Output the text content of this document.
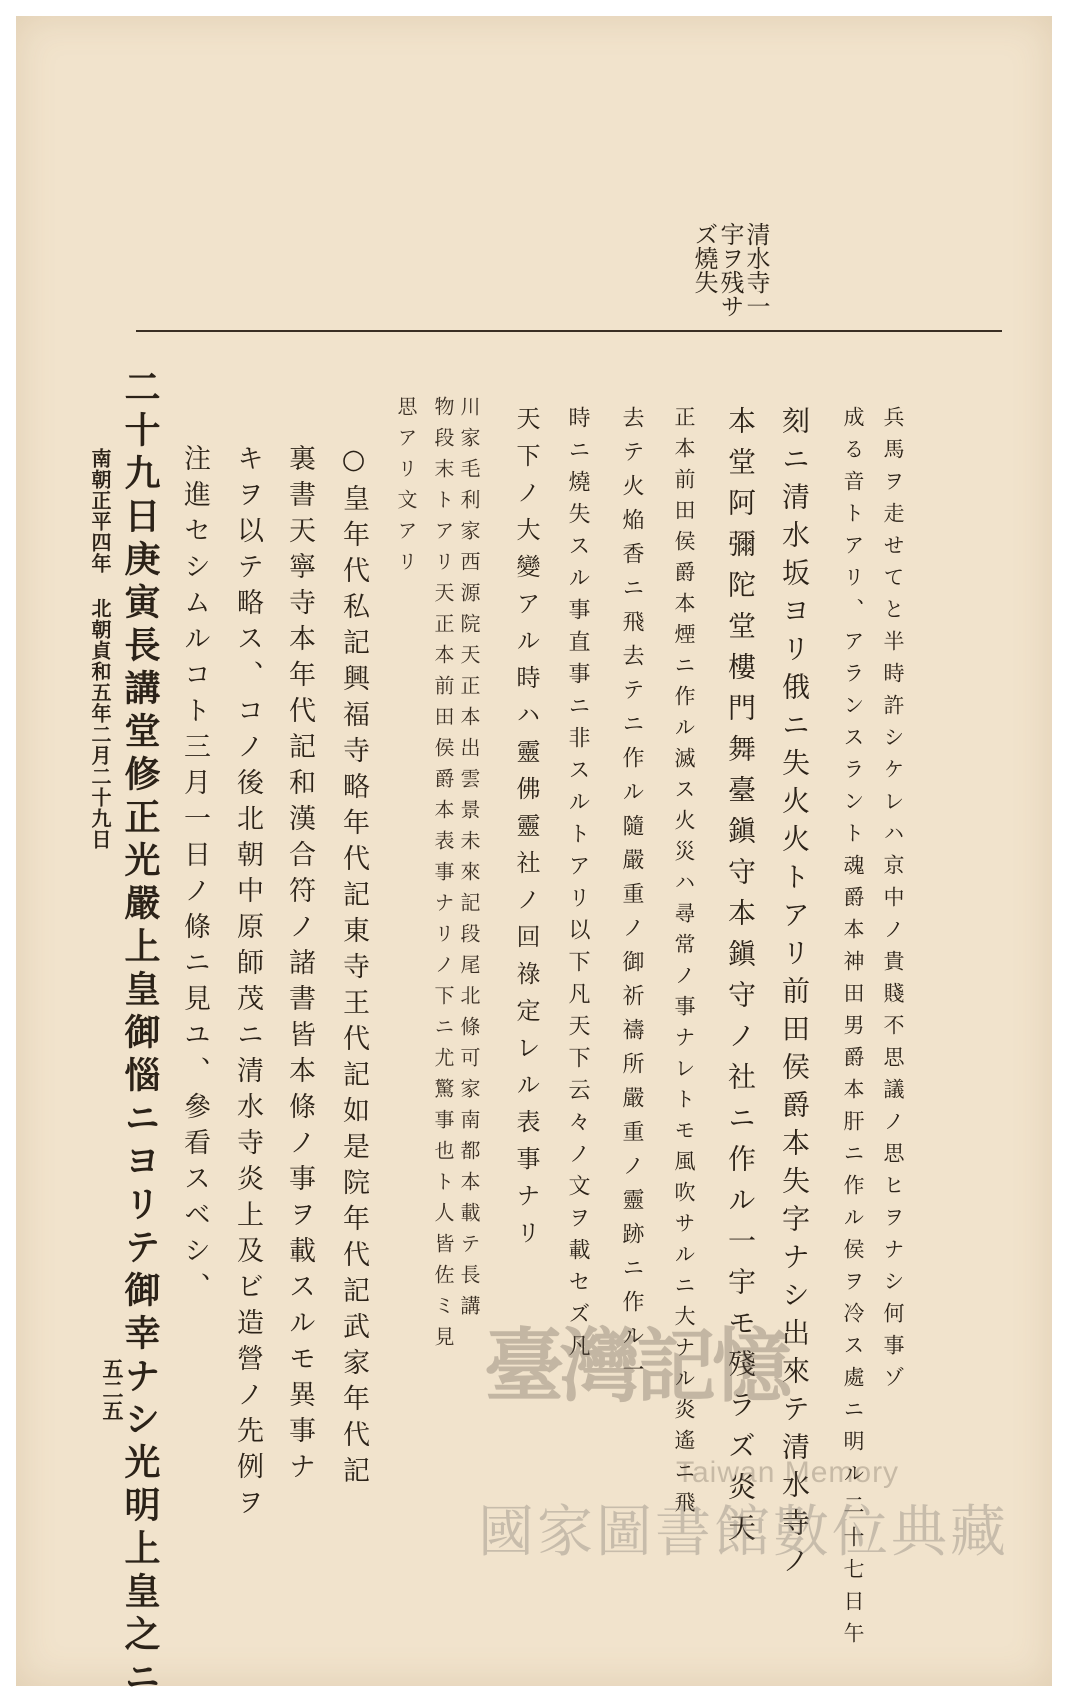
清水寺一
宇ヲ残サ
ズ燒失
兵馬ヲ走せてと半時許シケレハ京中ノ貴賤不思議ノ思ヒヲナシ何事ゾ
成る音トアリ、アランスラント魂爵本神田男爵本肝ニ作ル侯ヲ冷ス處ニ明ル二十七日午
刻ニ清水坂ヨリ俄ニ失火火トアリ前田侯爵本失字ナシ出來テ清水寺ノ
本堂阿彌陀堂樓門舞臺鎭守本鎭守ノ社ニ作ル一宇モ殘ラズ炎天
正本前田侯爵本煙ニ作ル滅ス火災ハ尋常ノ事ナレトモ風吹サルニ大ナル炎遙ニ飛
去テ火焔香ニ飛去テニ作ル隨嚴重ノ御祈禱所嚴重ノ靈跡ニ作ル一
時ニ燒失スル事直事ニ非スルトアリ以下凡天下云々ノ文ヲ載セズ凡
天下ノ大變アル時ハ靈佛靈社ノ回祿定レル表事ナリ
川家毛利家西源院天正本出雲景未來記段尾北條可家南都本載テ長講
物段末トアリ天正本前田侯爵本表事ナリノ下ニ尤驚事也ト人皆佐ミ見
思アリ文アリ
○皇年代私記興福寺略年代記東寺王代記如是院年代記武家年代記
裏書天寧寺本年代記和漢合符ノ諸書皆本條ノ事ヲ載スルモ異事ナ
キヲ以テ略ス、コノ後北朝中原師茂ニ清水寺炎上及ビ造營ノ先例ヲ
注進セシムルコト三月一日ノ條ニ見ユ、參看スベシ、
二十九日庚寅長講堂修正光嚴上皇御惱ニヨリテ御幸ナシ光明上皇之ニ
五二五
南朝正平四年北朝貞和五年二月二十九日
臺灣記憶
Taiwan Memory
國家圖書館數位典藏
